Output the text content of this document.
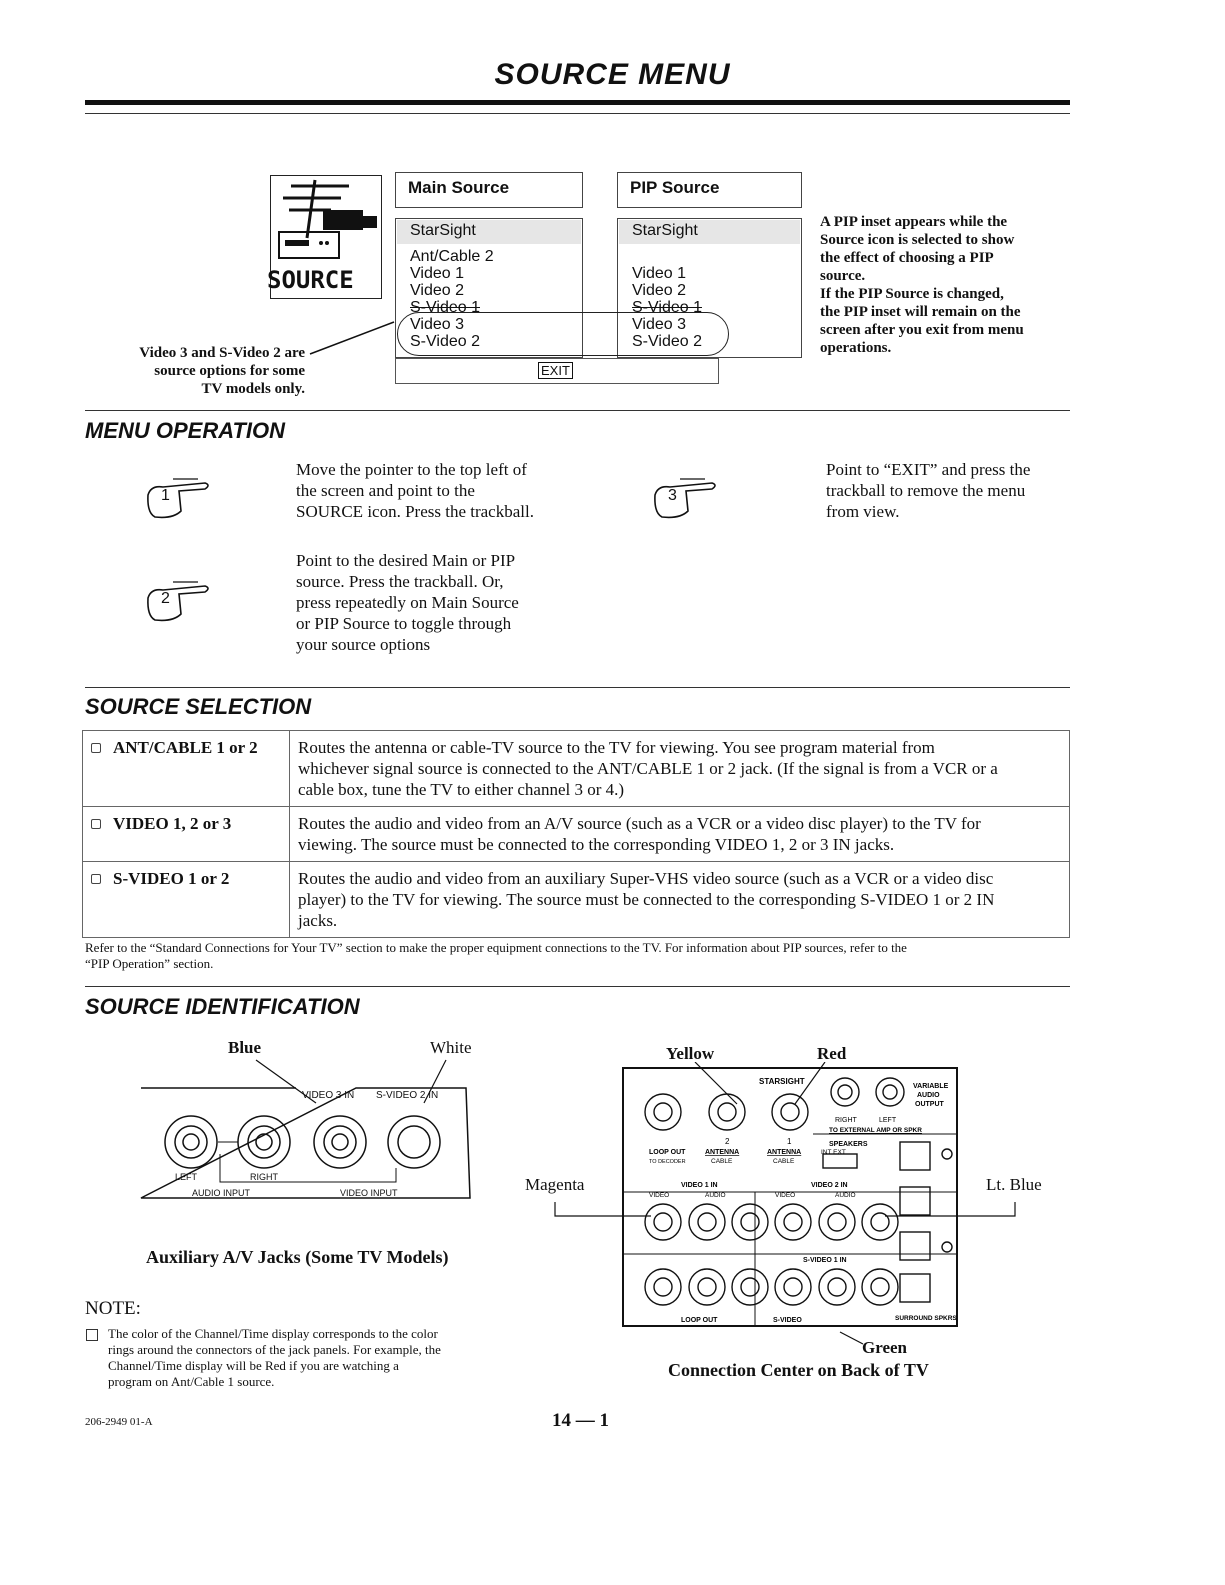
SOURCE MENU
SOURCE
Main Source	PIP Source
StarSight
Ant/Cable 2
Video 1
Video 2
S-Video 1
Video 3
S-Video 2
StarSight
Video 1
Video 2
S-Video 1
Video 3
S-Video 2
EXIT
Video 3 and S-Video 2 are
source options for some
TV models only.
A PIP inset appears while the
Source icon is selected to show
the effect of choosing a PIP
source.
If the PIP Source is changed,
the PIP inset will remain on the
screen after you exit from menu
operations.
MENU OPERATION
1
Move the pointer to the top left of
the screen and point to the
SOURCE icon. Press the trackball.
2
Point to the desired Main or PIP
source. Press the trackball. Or,
press repeatedly on Main Source
or PIP Source to toggle through
your source options
3
Point to “EXIT” and press the
trackball to remove the menu
from view.
SOURCE SELECTION
ANT/CABLE 1 or 2	Routes the antenna or cable-TV source to the TV for viewing. You see program material from
whichever signal source is connected to the ANT/CABLE 1 or 2 jack. (If the signal is from a VCR or a
cable box, tune the TV to either channel 3 or 4.)

VIDEO 1, 2 or 3	Routes the audio and video from an A/V source (such as a VCR or a video disc player) to the TV for
viewing. The source must be connected to the corresponding VIDEO 1, 2 or 3 IN jacks.

S-VIDEO 1 or 2	Routes the audio and video from an auxiliary Super-VHS video source (such as a VCR or a video disc
player) to the TV for viewing. The source must be connected to the corresponding S-VIDEO 1 or 2 IN
jacks.
Refer to the “Standard Connections for Your TV” section to make the proper equipment connections to the TV. For information about PIP sources, refer to the
“PIP Operation” section.
SOURCE IDENTIFICATION
Blue	White
VIDEO 3 IN S-VIDEO 2 IN
LEFT	RIGHT
AUDIO INPUT	VIDEO INPUT
Auxiliary A/V Jacks (Some TV Models)
NOTE:
The color of the Channel/Time display corresponds to the color
rings around the connectors of the jack panels. For example, the
Channel/Time display will be Red if you are watching a
program on Ant/Cable 1 source.
Yellow	Red
Magenta	Lt. Blue
Green
STARSIGHT
VARIABLE
AUDIO
OUTPUT
RIGHT	LEFT
TO EXTERNAL AMP OR SPKR
2	1	SPEAKERS
LOOP OUT	ANTENNA	ANTENNA	INT EXT
TO DECODER	CABLE	CABLE
VIDEO 1 IN	VIDEO 2 IN
VIDEO	AUDIO	VIDEO	AUDIO
S-VIDEO 1 IN
LOOP OUT	S-VIDEO	SURROUND SPKRS
Connection Center on Back of TV
206-2949 01-A	14 — 1
